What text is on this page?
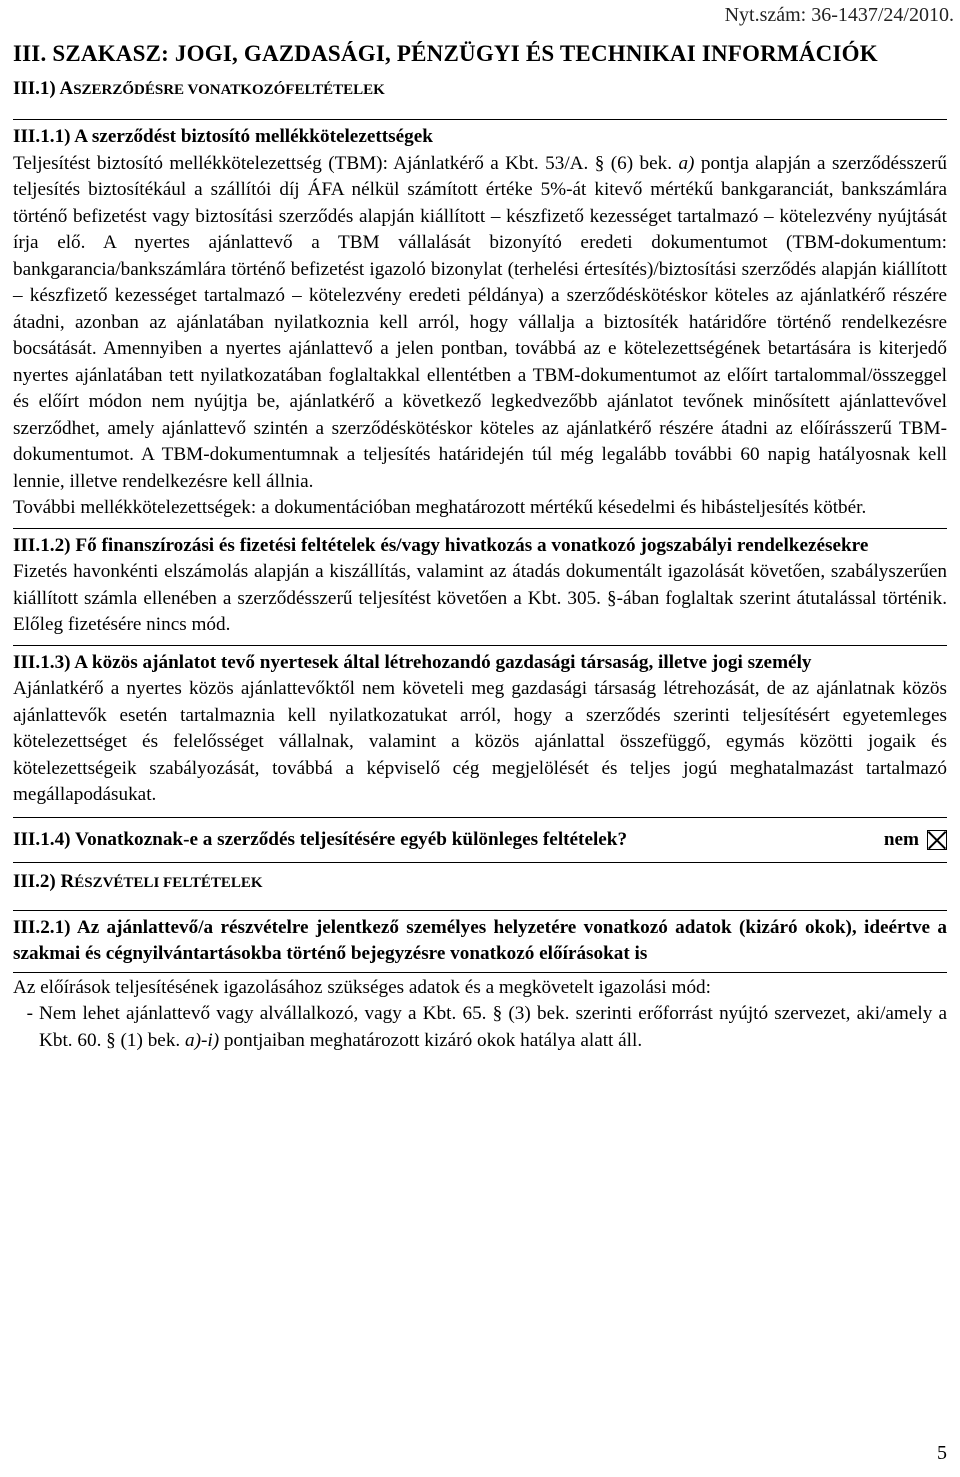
Nyt.szám: 36-1437/24/2010.
III. SZAKASZ: JOGI, GAZDASÁGI, PÉNZÜGYI ÉS TECHNIKAI INFORMÁCIÓK
III.1) ASZERZŐDÉSRE VONATKOZÓFELTÉTELEK
III.1.1) A szerződést biztosító mellékkötelezettségek

Teljesítést biztosító mellékkötelezettség (TBM): Ajánlatkérő a Kbt. 53/A. § (6) bek. a) pontja alapján a szerződésszerű teljesítés biztosítékául a szállítói díj ÁFA nélkül számított értéke 5%-át kitevő mértékű bankgaranciát, bankszámlára történő befizetést vagy biztosítási szerződés alapján kiállított – készfizető kezességet tartalmazó – kötelezvény nyújtását írja elő. A nyertes ajánlattevő a TBM vállalását bizonyító eredeti dokumentumot (TBM-dokumentum: bankgarancia/bankszámlára történő befizetést igazoló bizonylat (terhelési értesítés)/biztosítási szerződés alapján kiállított – készfizető kezességet tartalmazó – kötelezvény eredeti példánya) a szerződéskötéskor köteles az ajánlatkérő részére átadni, azonban az ajánlatában nyilatkoznia kell arról, hogy vállalja a biztosíték határidőre történő rendelkezésre bocsátását. Amennyiben a nyertes ajánlattevő a jelen pontban, továbbá az e kötelezettségének betartására is kiterjedő nyertes ajánlatában tett nyilatkozatában foglaltakkal ellentétben a TBM-dokumentumot az előírt tartalommal/összeggel és előírt módon nem nyújtja be, ajánlatkérő a következő legkedvezőbb ajánlatot tevőnek minősített ajánlattevővel szerződhet, amely ajánlattevő szintén a szerződéskötéskor köteles az ajánlatkérő részére átadni az előírásszerű TBM-dokumentumot. A TBM-dokumentumnak a teljesítés határidején túl még legalább további 60 napig hatályosnak kell lennie, illetve rendelkezésre kell állnia.

További mellékkötelezettségek: a dokumentációban meghatározott mértékű késedelmi és hibásteljesítés kötbér.

III.1.2) Fő finanszírozási és fizetési feltételek és/vagy hivatkozás a vonatkozó jogszabályi rendelkezésekre

Fizetés havonkénti elszámolás alapján a kiszállítás, valamint az átadás dokumentált igazolását követően, szabályszerűen kiállított számla ellenében a szerződésszerű teljesítést követően a Kbt. 305. §-ában foglaltak szerint átutalással történik. Előleg fizetésére nincs mód.

III.1.3) A közös ajánlatot tevő nyertesek által létrehozandó gazdasági társaság, illetve jogi személy

Ajánlatkérő a nyertes közös ajánlattevőktől nem követeli meg gazdasági társaság létrehozását, de az ajánlatnak közös ajánlattevők esetén tartalmaznia kell nyilatkozatukat arról, hogy a szerződés szerinti teljesítésért egyetemleges kötelezettséget és felelősséget vállalnak, valamint a közös ajánlattal összefüggő, egymás közötti jogaik és kötelezettségeik szabályozását, továbbá a képviselő cég megjelölését és teljes jogú meghatalmazást tartalmazó megállapodásukat.

III.1.4) Vonatkoznak-e a szerződés teljesítésére egyéb különleges feltételek?	nem
III.2) RÉSZVÉTELI FELTÉTELEK
III.2.1) Az ajánlattevő/a részvételre jelentkező személyes helyzetére vonatkozó adatok (kizáró okok), ideértve a szakmai és cégnyilvántartásokba történő bejegyzésre vonatkozó előírásokat is

Az előírások teljesítésének igazolásához szükséges adatok és a megkövetelt igazolási mód:

- Nem lehet ajánlattevő vagy alvállalkozó, vagy a Kbt. 65. § (3) bek. szerinti erőforrást nyújtó szervezet, aki/amely a Kbt. 60. § (1) bek. a)-i) pontjaiban meghatározott kizáró okok hatálya alatt áll.
5
